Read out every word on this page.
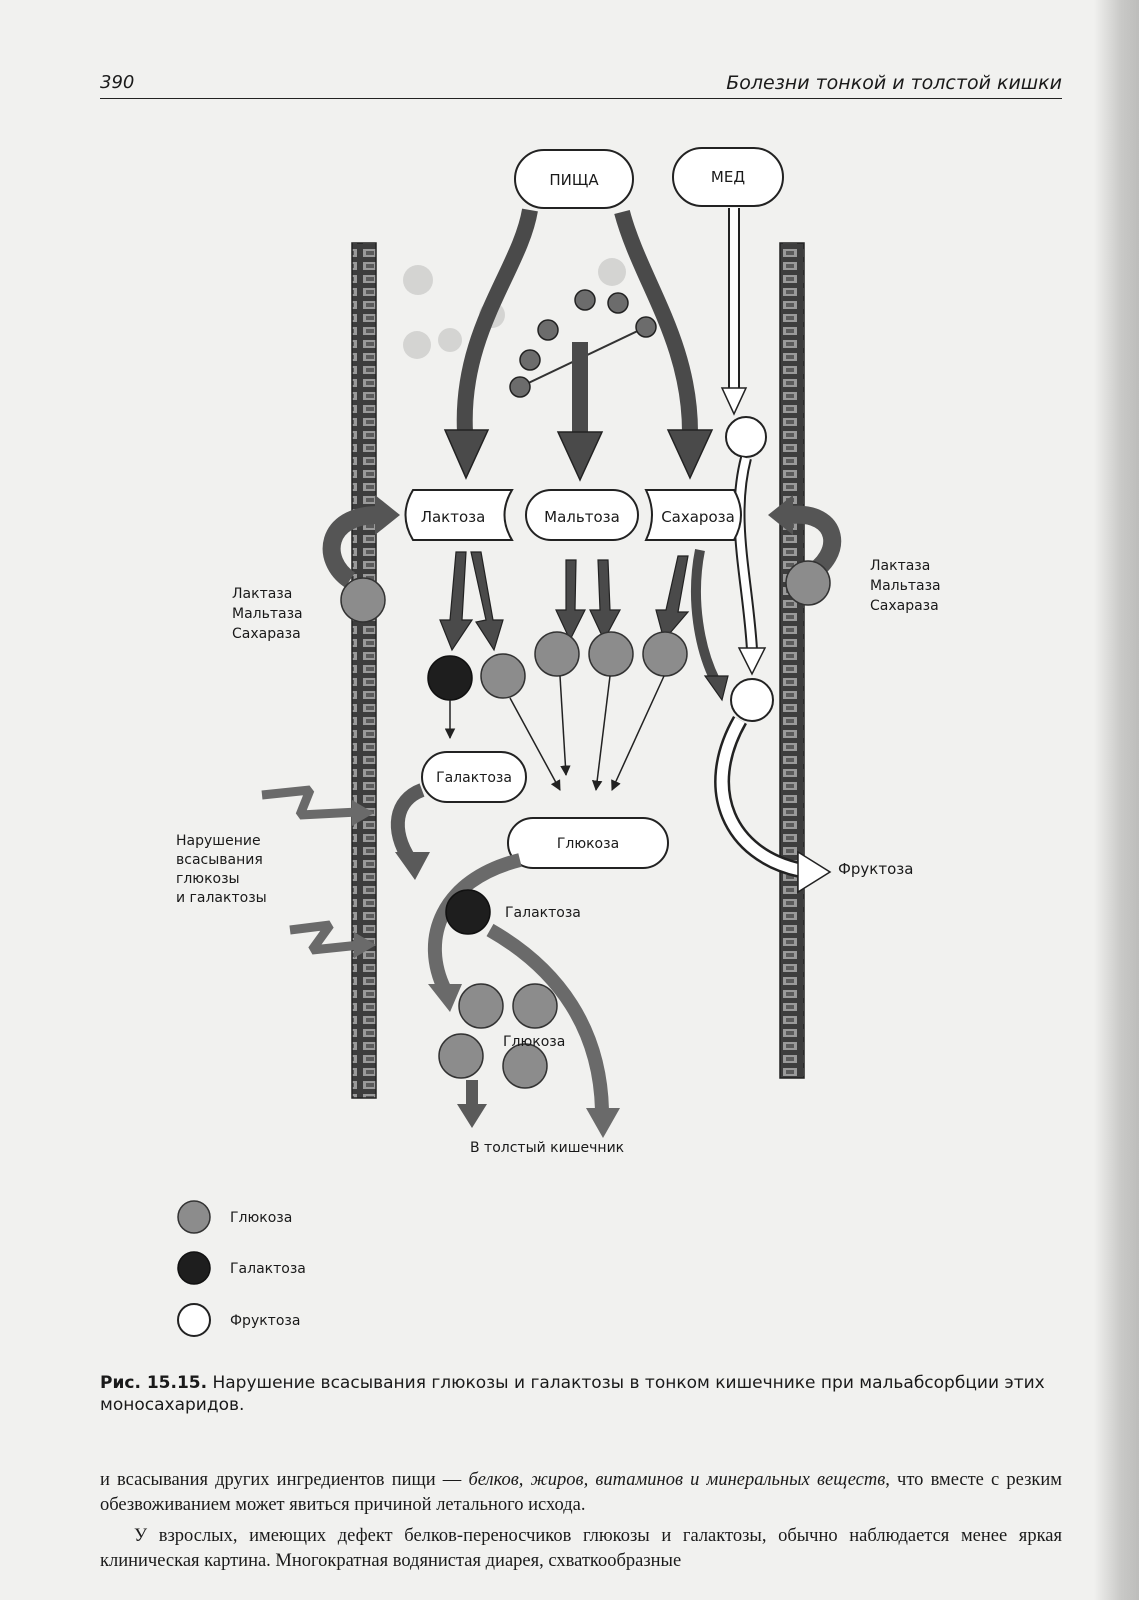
390	Болезни тонкой и толстой кишки
ПИЩА	МЕД
Фруктоза
Лактоза	Мальтоза	Сахароза
Лактаза
Мальтаза
Сахараза
Лактаза
Мальтаза
Сахараза
Галактоза
Глюкоза
Нарушение
всасывания
глюкозы
и галактозы
Галактоза
Глюкоза
В толстый кишечник
Глюкоза
Галактоза
Фруктоза
Рис. 15.15. Нарушение всасывания глюкозы и галактозы в тонком кишечнике при мальабсорбции этих моносахаридов.
и всасывания других ингредиентов пищи — белков, жиров, витаминов и минеральных веществ, что вместе с резким обезвоживанием может явиться причиной летального исхода.
У взрослых, имеющих дефект белков-переносчиков глюкозы и галактозы, обычно наблюдается менее яркая клиническая картина. Многократная водянистая диарея, схваткообразные
